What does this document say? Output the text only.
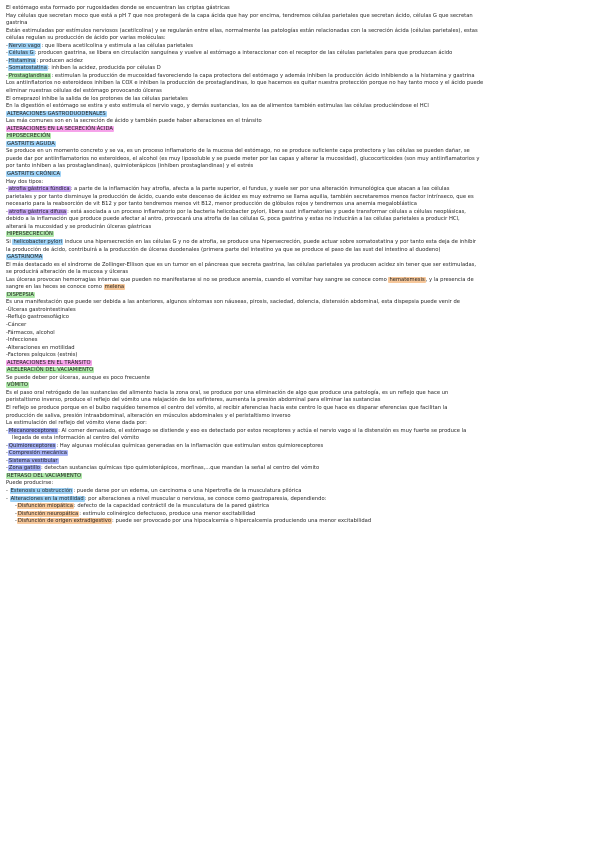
El estómago esta formado por rugosidades donde se encuentran las criptas gástricas

Hay células que secretan moco que está a pH 7 que nos protegerá de la capa ácida que hay por encima, tendremos células parietales que secretan ácido, células G que secretan

gastrina

Están estimuladas por estímulos nerviosos (acetilcolina) y se regularán entre ellas, normalmente las patologías están relacionadas con la secreción ácida (células parietales), estas

células regulan su producción de ácido por varias moléculas:

-Nervio vago: que libera acetilcolina y estimula a las células parietales

-Células G: producen gastrina, se libera en circulación sanguínea y vuelve al estómago a interaccionar con el receptor de las células parietales para que produzcan ácido

-Histamina: producen acidez

-Somatostatina: inhiben la acidez, producida por células D

-Prostaglandinas: estimulan la producción de mucosidad favoreciendo la capa protectora del estómago y además inhiben la producción ácido inhibiendo a la histamina y gastrina

Los antiinflatorios no esteroideos inhiben la COX e inhiben la producción de prostaglandinas, lo que hacemos es quitar nuestra protección porque no hay tanto moco y el ácido puede

eliminar nuestras células del estómago provocando úlceras

El omeprazol inhibe la salida de los protones de las células parietales

En la digestión el estómago se estira y esto estimula el nervio vago, y demás sustancias, los aa de alimentos también estimulas las células produciéndose el HCl

ALTERACIONES GASTRODUODENALES

Las más comunes son en la secreción de ácido y también puede haber alteraciones en el tránsito

ALTERACIONES EN LA SECRECIÓN ÁCIDA

HIPOSECRECIÓN

GASTRITIS AGUDA

Se produce en un momento concreto y se va, es un proceso inflamatorio de la mucosa del estómago, no se produce suficiente capa protectora y las células se pueden dañar, se

puede dar por antiinflamatorios no esteroideos, el alcohol (es muy liposoluble y se puede meter por las capas y alterar la mucosidad), glucocorticoides (son muy antiinflamatorios y

por tanto inhiben a las prostaglandinas), quimioterápicos (inhiben prostaglandinas) y el estrés

GASTRITIS CRÓNICA

Hay dos tipos:

-atrofia gástrica fúndica: a parte de la inflamación hay atrofia, afecta a la parte superior, el fundus, y suele ser por una alteración inmunológica que atacan a las células

parietales y por tanto disminuye la producción de ácido, cuando este descenso de ácidez es muy extremo se llama aquilia, también secretaremos menos factor intrínseco, que es

necesario para la reabsorción de vit B12 y por tanto tendremos menos vit B12, menor producción de glóbulos rojos y tendremos una anemia megaloblástica

-atrofia gástrica difusa: está asociada a un proceso inflamatorio por la bacteria helicobacter pylori, libera sust inflamatorias y puede transformar células a células neoplásicas,

debido a la inflamación que produce puede afectar al antro, provocará una atrofia de las células G, poca gastrina y estas no inducirán a las células parietales a producir HCl,

alterará la mucosidad y se producirán úlceras gástricas

HIPERSECRECIÓN

Si helicobacter pylori induce una hipersecreción en las células G y no de atrofia, se produce una hipersecreción, puede actuar sobre somatostatina y por tanto esta deja de inhibir

la producción de ácido, contribuirá a la producción de úlceras duodenales (primera parte del intestino ya que se produce el paso de las sust del intestino al duodeno)

GASTRINOMA

El más destacado es el síndrome de Zollinger-Ellison que es un tumor en el páncreas que secreta gastrina, las células parietales ya producen acidez sin tener que ser estimuladas,

se producirá alteración de la mucosa y úlceras

Las úlceras provocan hemorragias internas que pueden no manifestarse si no se produce anemia, cuando el vomitar hay sangre se conoce como hematemesis, y la presencia de

sangre en las heces se conoce como melena

DISPEPSIA

Es una manifestación que puede ser debida a las anteriores, algunos síntomas son náuseas, pirosis, saciedad, dolencia, distensión abdominal, esta dispepsia puede venir de

-Úlceras gastrointestinales

-Reflujo gastroesofágico

-Cáncer

-Fármacos, alcohol

-Infecciones

-Alteraciones en motilidad

-Factores psíquicos (estrés)

ALTERACIONES EN EL TRÁNSITO

ACELERACIÓN DEL VACIAMIENTO

Se puede deber por úlceras, aunque es poco frecuente

VÓMITO

Es el paso oral retrógado de las sustancias del alimento hacia la zona oral, se produce por una eliminación de algo que produce una patología, es un reflejo que hace un

peristaltismo inverso, produce el reflejo del vómito una relajación de los esfínteres, aumenta la presión abdominal para eliminar las sustancias

El reflejo se produce porque en el bulbo raquídeo tenemos el centro del vómito, al recibir aferencias hacia este centro lo que hace es disparar eferencias que facilitan la

producción de saliva, presión intraabdominal, alteración en músculos abdominales y el peristaltismo inverso

La estimulación del reflejo del vómito viene dada por:

-Mecanoreceptores: Al comer demasiado, el estómago se distiende y eso es detectado por estos receptores y actúa el nervio vago si la distensión es muy fuerte se produce la

llegada de esta información al centro del vómito

-Quimioreceptores: Hay algunas moléculas químicas generadas en la inflamación que estimulan estos quimioreceptores

-Compresión mecánica

-Sistema vestibular

-Zona gatillo: detectan sustancias químicas tipo quimioterápicos, morfinas,...que mandan la señal al centro del vómito

RETRASO DEL VACIAMIENTO

Puede producirse:

- Estenosis u obstrucción: puede darse por un edema, un carcinoma o una hipertrofia de la musculatura pilórica

- Alteraciones en la motilidad: por alteraciones a nivel muscular o nerviosa, se conoce como gastroparesia, dependiendo:

-Disfunción miopática: defecto de la capacidad contráctil de la musculatura de la pared gástrica

-Disfunción neuropática: estímulo colinérgico defectuoso, produce una menor excitabilidad

-Disfunción de origen extradigestivo: puede ser provocado por una hipocalcemia o hipercalcemia produciendo una menor excitabilidad
